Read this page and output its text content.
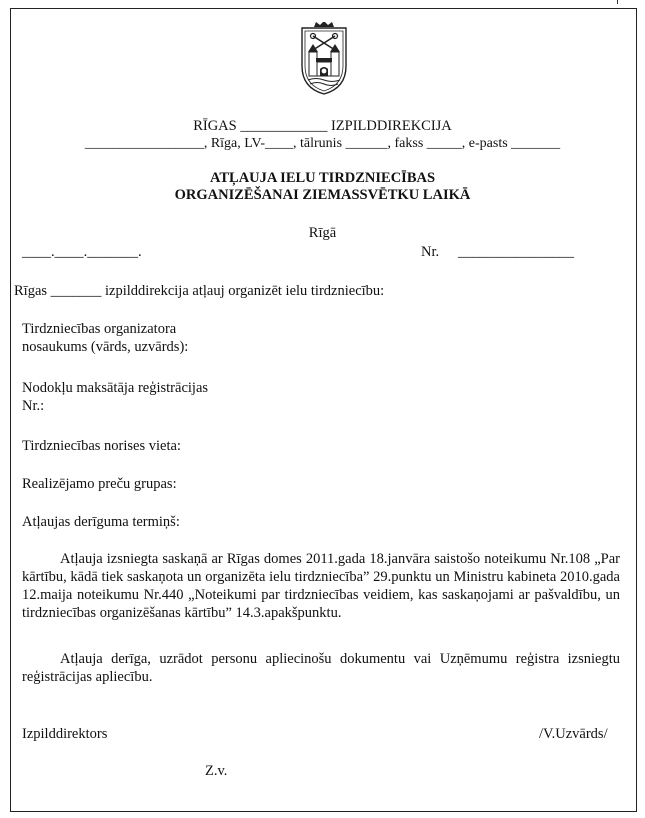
RĪGAS ____________ IZPILDDIREKCIJA
_________________, Rīga, LV-____, tālrunis ______, fakss _____, e-pasts _______
ATĻAUJA IELU TIRDZNIECĪBAS
ORGANIZĒŠANAI ZIEMASSVĒTKU LAIKĀ
Rīgā
____.____._______.	Nr. ________________
Rīgas _______ izpilddirekcija atļauj organizēt ielu tirdzniecību:
Tirdzniecības organizatora
nosaukums (vārds, uzvārds):
Nodokļu maksātāja reģistrācijas
Nr.:
Tirdzniecības norises vieta:
Realizējamo preču grupas:
Atļaujas derīguma termiņš:
Atļauja izsniegta saskaņā ar Rīgas domes 2011.gada 18.janvāra saistošo noteikumu Nr.108 „Par kārtību, kādā tiek saskaņota un organizēta ielu tirdzniecība” 29.punktu un Ministru kabineta 2010.gada 12.maija noteikumu Nr.440 „Noteikumi par tirdzniecības veidiem, kas saskaņojami ar pašvaldību, un tirdzniecības organizēšanas kārtību” 14.3.apakšpunktu.
Atļauja derīga, uzrādot personu apliecinošu dokumentu vai Uzņēmumu reģistra izsniegtu reģistrācijas apliecību.
Izpilddirektors	/V.Uzvārds/
Z.v.
